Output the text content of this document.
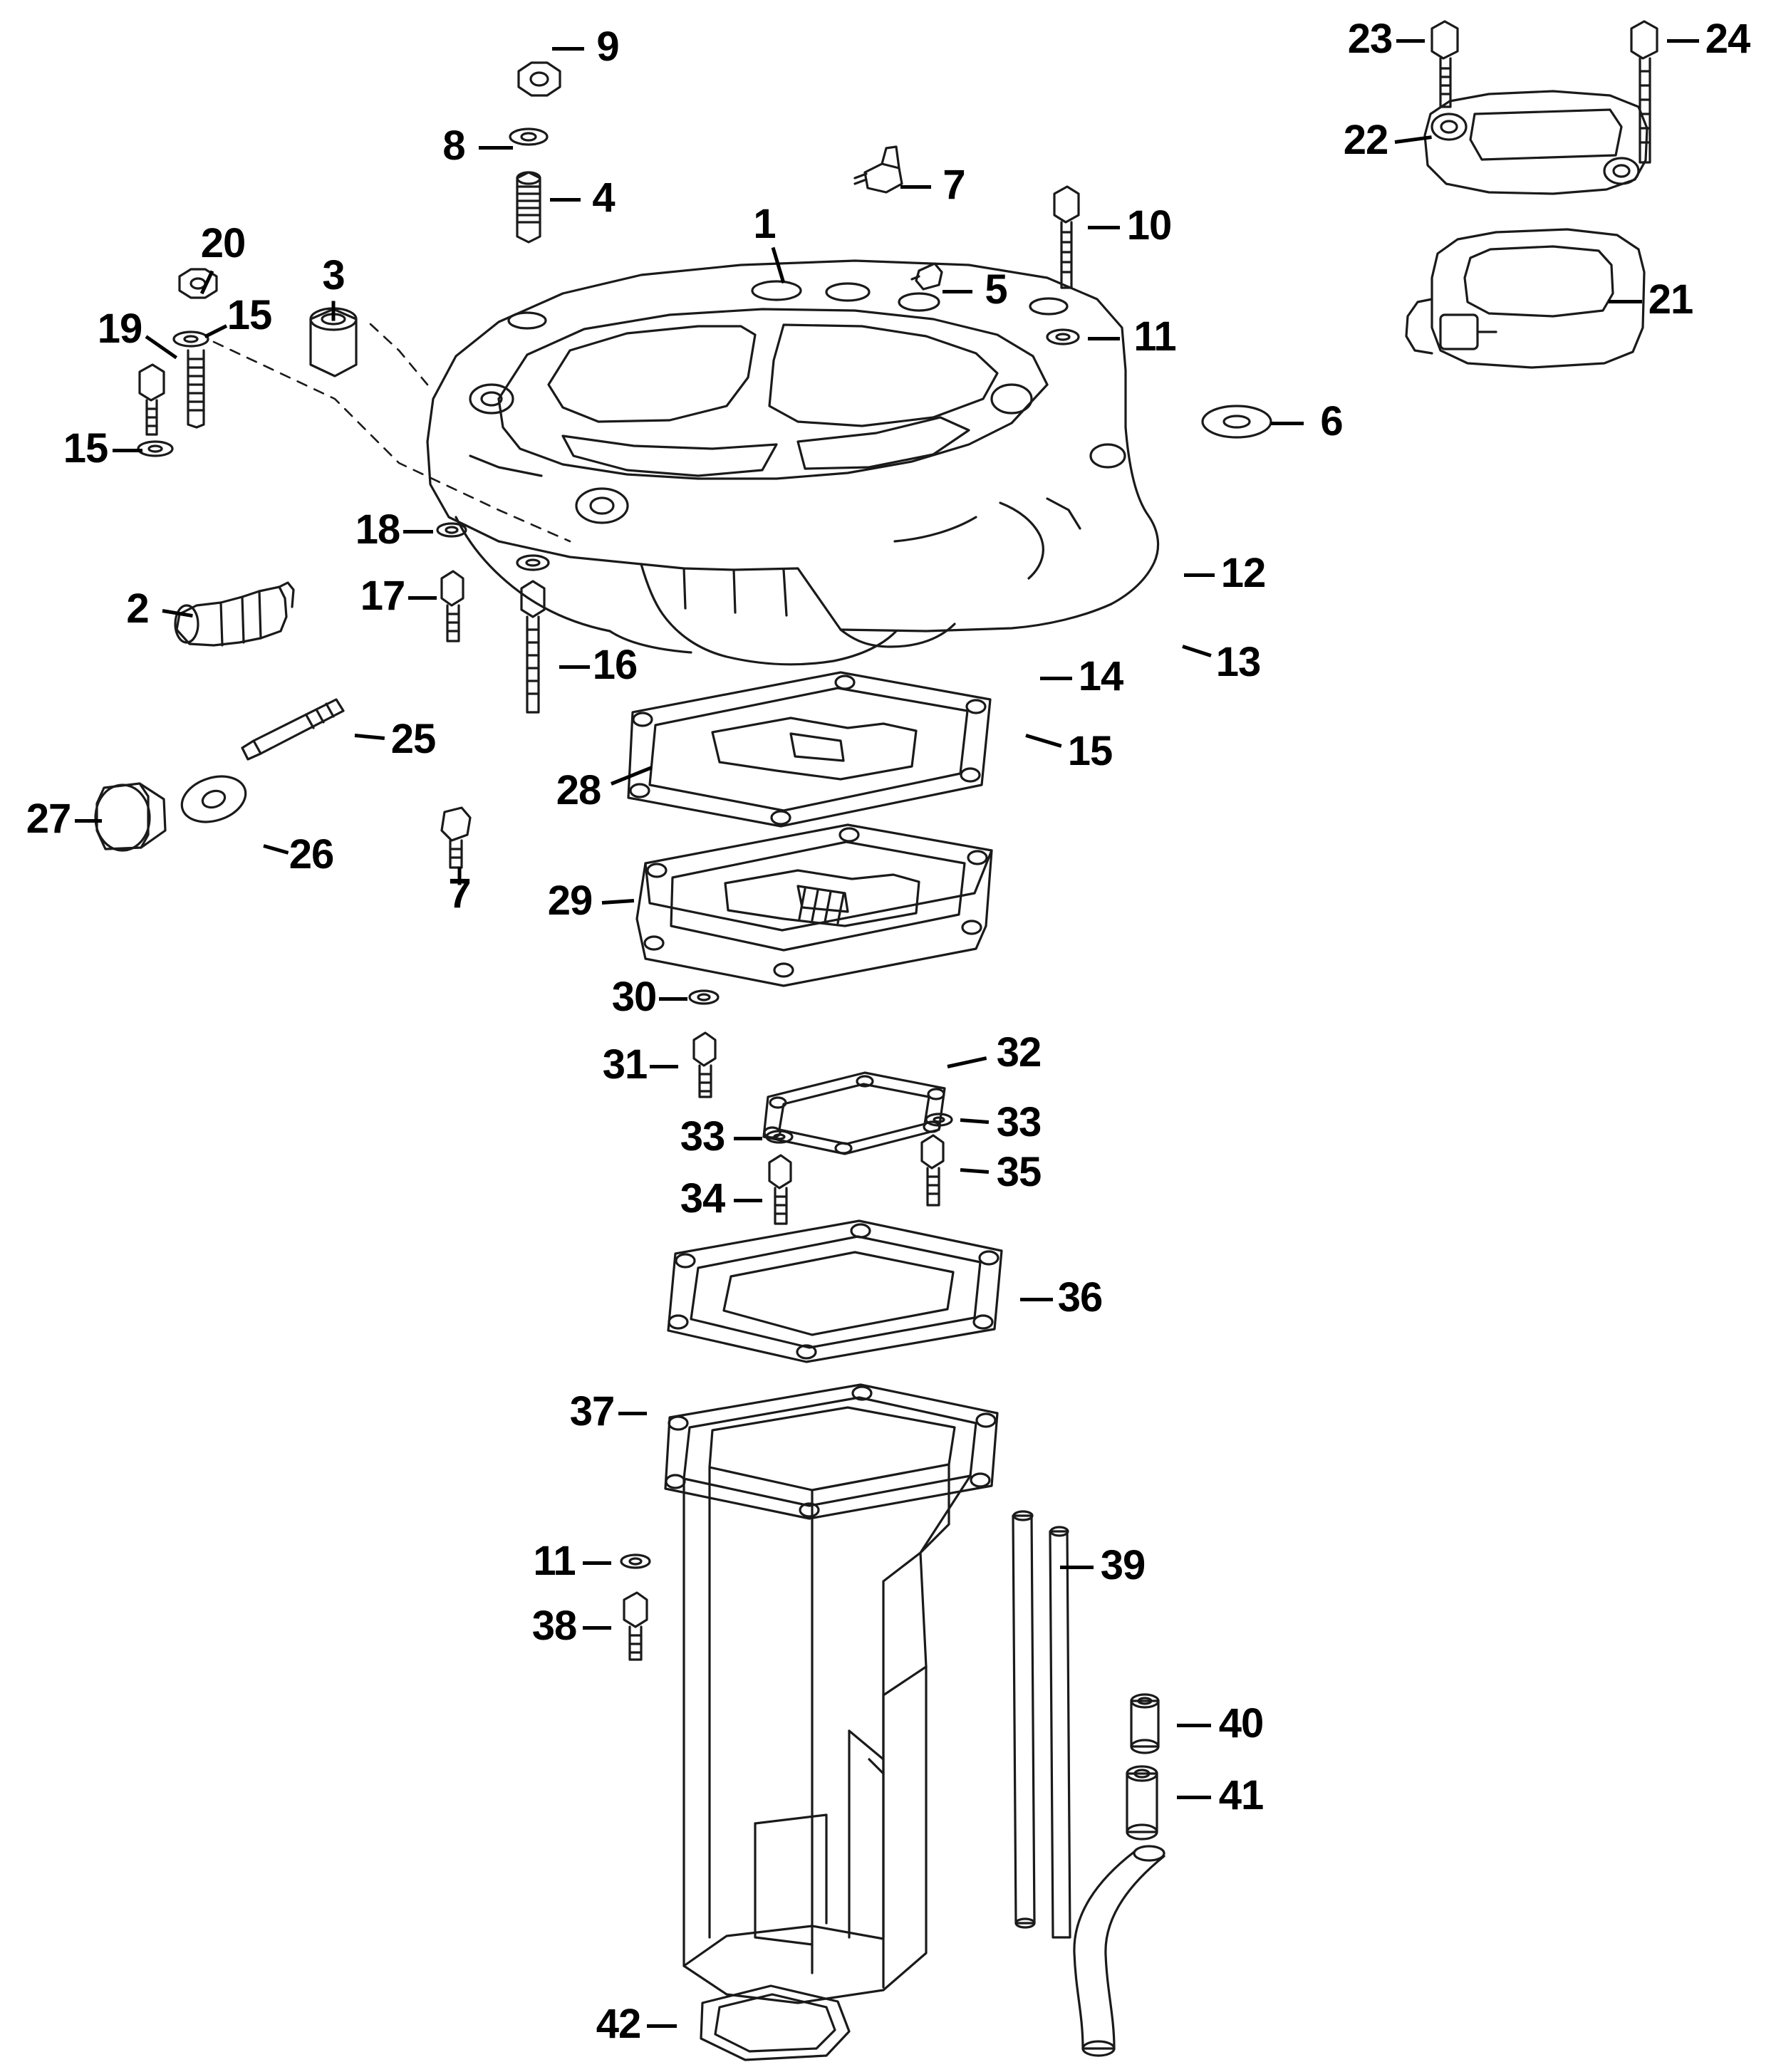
9
8
4	7
1	10
5
11
20
3
19 15
15
6
18
17
2
16
12
13
14
15
25
27
26
7
28
29
30
31	32
33
33
35
34
36
37
11
38
39
40
41
42
23	24
22
21
